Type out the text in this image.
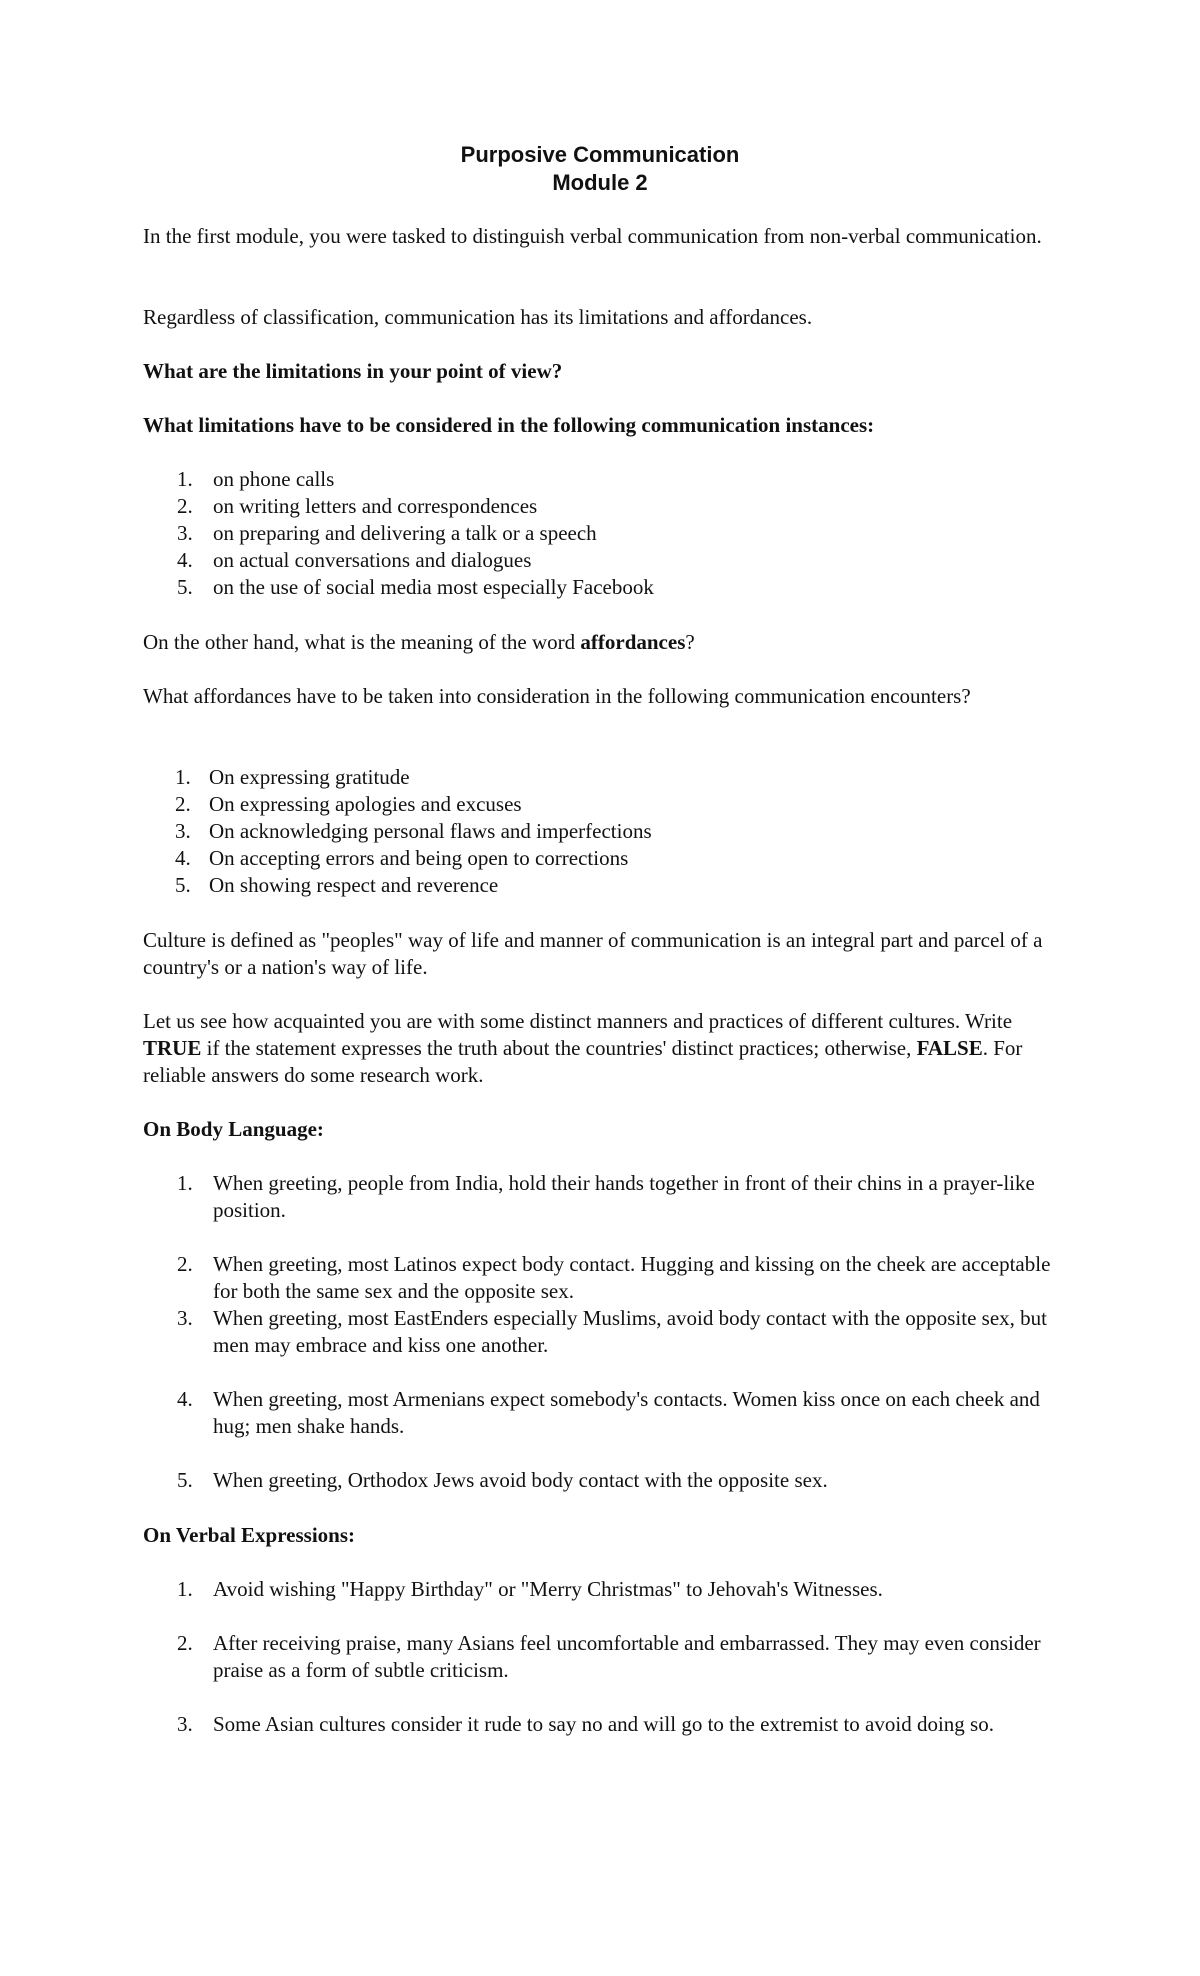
Purposive Communication
Module 2

In the first module, you were tasked to distinguish verbal communication from non-verbal communication.

Regardless of classification, communication has its limitations and affordances.

What are the limitations in your point of view?

What limitations have to be considered in the following communication instances:

1. on phone calls
2. on writing letters and correspondences
3. on preparing and delivering a talk or a speech
4. on actual conversations and dialogues
5. on the use of social media most especially Facebook

On the other hand, what is the meaning of the word affordances?

What affordances have to be taken into consideration in the following communication encounters?

1. On expressing gratitude
2. On expressing apologies and excuses
3. On acknowledging personal flaws and imperfections
4. On accepting errors and being open to corrections
5. On showing respect and reverence

Culture is defined as "peoples" way of life and manner of communication is an integral part and parcel of a country's or a nation's way of life.

Let us see how acquainted you are with some distinct manners and practices of different cultures. Write TRUE if the statement expresses the truth about the countries' distinct practices; otherwise, FALSE. For reliable answers do some research work.

On Body Language:

1. When greeting, people from India, hold their hands together in front of their chins in a prayer-like position.
2. When greeting, most Latinos expect body contact. Hugging and kissing on the cheek are acceptable for both the same sex and the opposite sex.
3. When greeting, most EastEnders especially Muslims, avoid body contact with the opposite sex, but men may embrace and kiss one another.
4. When greeting, most Armenians expect somebody's contacts. Women kiss once on each cheek and hug; men shake hands.
5. When greeting, Orthodox Jews avoid body contact with the opposite sex.

On Verbal Expressions:

1. Avoid wishing "Happy Birthday" or "Merry Christmas" to Jehovah's Witnesses.
2. After receiving praise, many Asians feel uncomfortable and embarrassed. They may even consider praise as a form of subtle criticism.
3. Some Asian cultures consider it rude to say no and will go to the extremist to avoid doing so.
